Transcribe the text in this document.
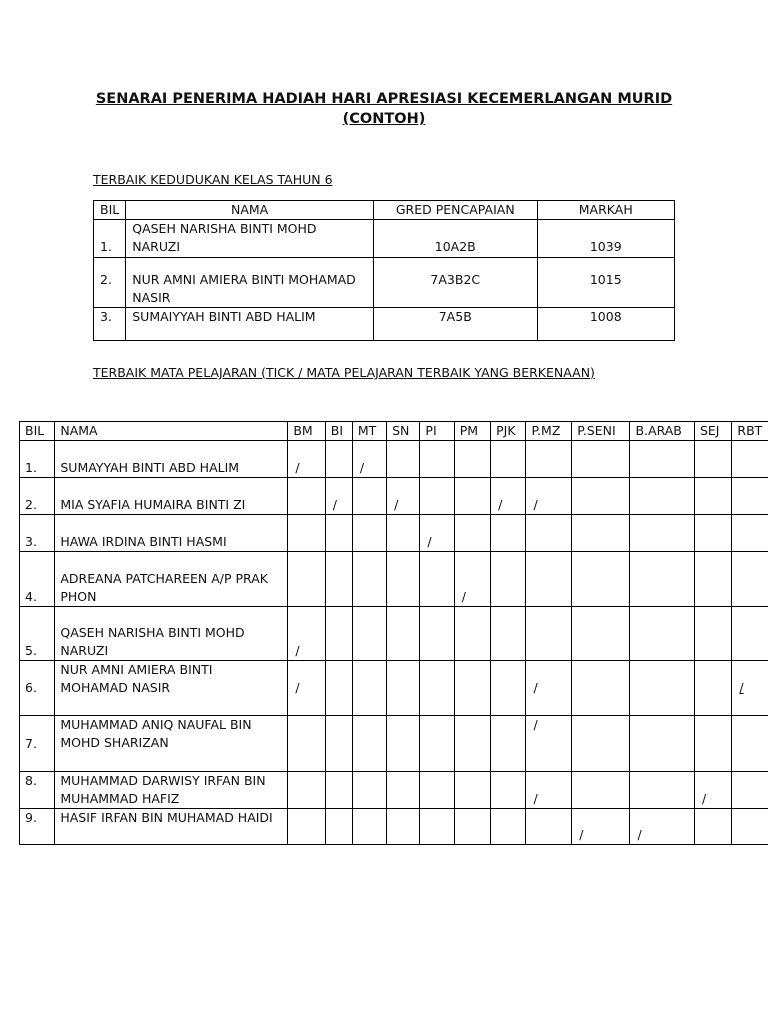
SENARAI PENERIMA HADIAH HARI APRESIASI KECEMERLANGAN MURID
(CONTOH)
TERBAIK KEDUDUKAN KELAS TAHUN 6
BIL	NAMA	GRED PENCAPAIAN	MARKAH
1.	QASEH NARISHA BINTI MOHD NARUZI	10A2B	1039
2.	NUR AMNI AMIERA BINTI MOHAMAD NASIR	7A3B2C	1015
3.	SUMAIYYAH BINTI ABD HALIM	7A5B	1008
TERBAIK MATA PELAJARAN (TICK / MATA PELAJARAN TERBAIK YANG BERKENAAN)
BIL	NAMA	BM	BI	MT	SN	PI	PM	PJK	P.MZ	P.SENI	B.ARAB	SEJ	RBT
1.	SUMAYYAH BINTI ABD HALIM	/		/									
2.	MIA SYAFIA HUMAIRA BINTI ZI		/		/			/	/				
3.	HAWA IRDINA BINTI HASMI					/							
4.	ADREANA PATCHAREEN A/P PRAK PHON						/						
5.	QASEH NARISHA BINTI MOHD NARUZI	/											
6.	NUR AMNI AMIERA BINTI MOHAMAD NASIR	/							/				/
7.	MUHAMMAD ANIQ NAUFAL BIN MOHD SHARIZAN								/				
8.	MUHAMMAD DARWISY IRFAN BIN MUHAMMAD HAFIZ								/			/	
9.	HASIF IRFAN BIN MUHAMAD HAIDI									/	/		
